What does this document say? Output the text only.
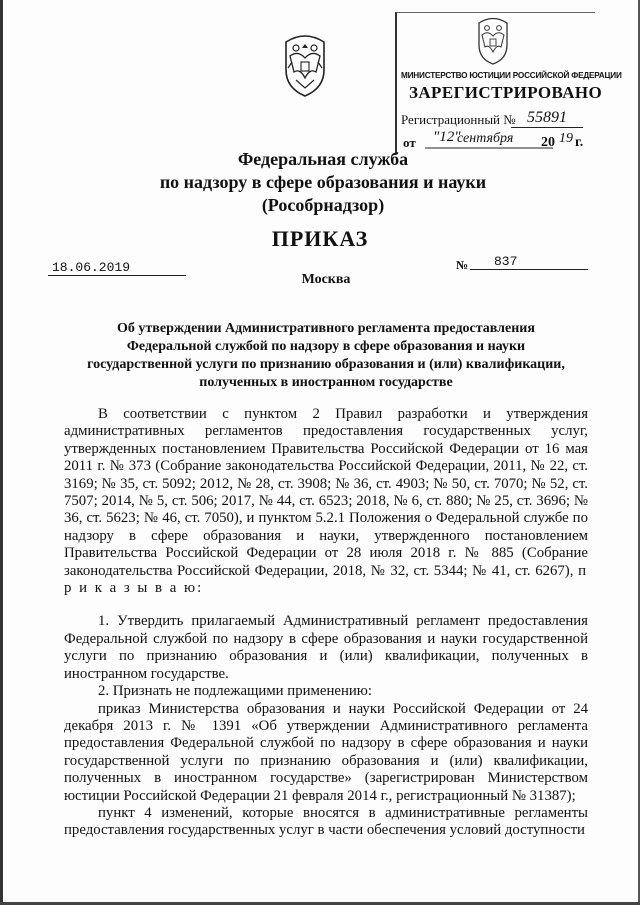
МИНИСТЕРСТВО ЮСТИЦИИ РОССИЙСКОЙ ФЕДЕРАЦИИ
ЗАРЕГИСТРИРОВАНО
Регистрационный № 55891
от "12"
сентября 20 19 г.
Федеральная служба
по надзору в сфере образования и науки
(Рособрнадзор)
ПРИКАЗ
18.06.2019	№	837
Москва
Об утверждении Административного регламента предоставления
Федеральной службой по надзору в сфере образования и науки
государственной услуги по признанию образования и (или) квалификации,
полученных в иностранном государстве

В соответствии с пунктом 2 Правил разработки и утверждения административных регламентов предоставления государственных услуг, утвержденных постановлением Правительства Российской Федерации от 16 мая 2011 г. № 373 (Собрание законодательства Российской Федерации, 2011, № 22, ст. 3169; № 35, ст. 5092; 2012, № 28, ст. 3908; № 36, ст. 4903; № 50, ст. 7070; № 52, ст. 7507; 2014, № 5, ст. 506; 2017, № 44, ст. 6523; 2018, № 6, ст. 880; № 25, ст. 3696; № 36, ст. 5623; № 46, ст. 7050), и пунктом 5.2.1 Положения о Федеральной службе по надзору в сфере образования и науки, утвержденного постановлением Правительства Российской Федерации от 28 июля 2018 г. № 885 (Собрание законодательства Российской Федерации, 2018, № 32, ст. 5344; № 41, ст. 6267), п р и к а з ы в а ю:

1. Утвердить прилагаемый Административный регламент предоставления Федеральной службой по надзору в сфере образования и науки государственной услуги по признанию образования и (или) квалификации, полученных в иностранном государстве.

2. Признать не подлежащими применению:

приказ Министерства образования и науки Российской Федерации от 24 декабря 2013 г. № 1391 «Об утверждении Административного регламента предоставления Федеральной службой по надзору в сфере образования и науки государственной услуги по признанию образования и (или) квалификации, полученных в иностранном государстве» (зарегистрирован Министерством юстиции Российской Федерации 21 февраля 2014 г., регистрационный № 31387);

пункт 4 изменений, которые вносятся в административные регламенты предоставления государственных услуг в части обеспечения условий доступности
